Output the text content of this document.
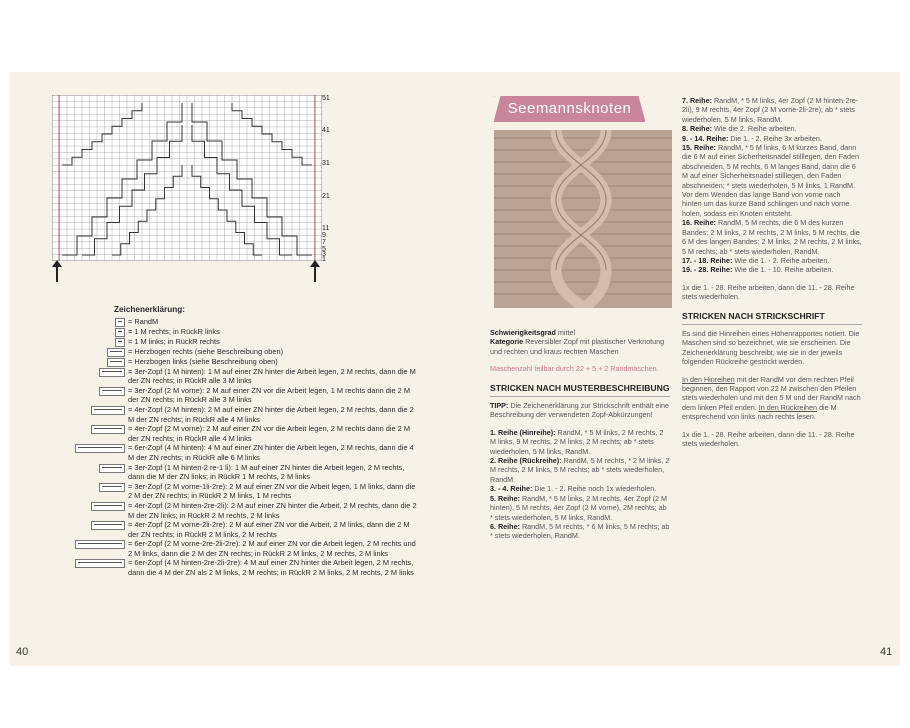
51
41
31
21
11
9
7
5
3
1
Zeichenerklärung:
= RandM
= 1 M rechts; in RückR links
= 1 M links; in RückR rechts
= Herzbogen rechts (siehe Beschreibung oben)
= Herzbogen links (siehe Beschreibung oben)
= 3er-Zopf (1 M hinten): 1 M auf einer ZN hinter die Arbeit legen, 2 M rechts, dann die M der ZN rechts; in RückR alle 3 M links
= 3er-Zopf (2 M vorne): 2 M auf einer ZN vor die Arbeit legen, 1 M rechts dann die 2 M der ZN rechts; in RückR alle 3 M links
= 4er-Zopf (2 M hinten): 2 M auf einer ZN hinter die Arbeit legen, 2 M rechts, dann die 2 M der ZN rechts; in RückR alle 4 M links
= 4er-Zopf (2 M vorne): 2 M auf einer ZN vor die Arbeit legen, 2 M rechts dann die 2 M der ZN rechts; in RückR alle 4 M links
= 6er-Zopf (4 M hinten): 4 M auf einer ZN hinter die Arbeit legen, 2 M rechts, dann die 4 M der ZN rechts; in RückR alle 6 M links
= 3er-Zopf (1 M hinten-2 re-1 li): 1 M auf einer ZN hinter die Arbeit legen, 2 M rechts, dann die M der ZN links; in RückR 1 M rechts, 2 M links
= 3er-Zopf (2 M vorne-1li-2re): 2 M auf einer ZN vor die Arbeit legen, 1 M links, dann die 2 M der ZN rechts; in RückR 2 M links, 1 M rechts
= 4er-Zopf (2 M hinten-2re-2li): 2 M auf einer ZN hinter die Arbeit, 2 M rechts, dann die 2 M der ZN links; in RückR 2 M rechts, 2 M links
= 4er-Zopf (2 M vorne-2li-2re): 2 M auf einer ZN vor die Arbeit, 2 M links, dann die 2 M der ZN rechts; in RückR 2 M links, 2 M rechts
= 6er-Zopf (2 M vorne-2re-2li-2re): 2 M auf einer ZN vor die Arbeit legen, 2 M rechts und 2 M links, dann die 2 M der ZN rechts; in RückR 2 M links, 2 M rechts, 2 M links
= 6er-Zopf (4 M hinten-2re-2li-2re): 4 M auf einer ZN hinter die Arbeit legen, 2 M rechts, dann die 4 M der ZN als 2 M links, 2 M rechts; in RückR 2 M links, 2 M rechts, 2 M links
Seemannsknoten
Schwierigkeitsgrad mittel
Kategorie Reversibler Zopf mit plastischer Verknotung und rechten und kraus rechten Maschen
Maschenzahl teilbar durch 22 + 5 + 2 Randmaschen.
STRICKEN NACH MUSTERBESCHREIBUNG
TIPP: Die Zeichenerklärung zur Strickschrift enthält eine Beschreibung der verwendeten Zopf-Abkürzungen!
1. Reihe (Hinreihe): RandM, * 5 M links, 2 M rechts, 2 M links, 9 M rechts, 2 M links, 2 M rechts; ab * stets wiederholen, 5 M links, RandM.
2. Reihe (Rückreihe): RandM, 5 M rechts, * 2 M links, 2 M rechts, 2 M links, 5 M rechts; ab * stets wiederholen, RandM.
3. - 4. Reihe: Die 1. - 2. Reihe noch 1x wiederholen.
5. Reihe: RandM, * 5 M links, 2 M rechts, 4er Zopf (2 M hinten), 5 M rechts, 4er Zopf (2 M vorne), 2M rechts; ab * stets wiederholen, 5 M links, RandM.
6. Reihe: RandM, 5 M rechts, * 6 M links, 5 M rechts; ab * stets wiederholen, RandM.
7. Reihe: RandM, * 5 M links, 4er Zopf (2 M hinten-2re-2li), 9 M rechts, 4er Zopf (2 M vorne-2li-2re); ab * stets wiederholen, 5 M links, RandM.
8. Reihe: Wie die 2. Reihe arbeiten.
9. - 14. Reihe: Die 1. - 2. Reihe 3x arbeiten.
15. Reihe: RandM, * 5 M links, 6 M kurzes Band, dann die 6 M auf einer Sicherheitsnadel stilllegen, den Faden abschneiden, 5 M rechts, 6 M langes Band, dann die 6 M auf einer Sicherheitsnadel stilllegen, den Faden abschneiden; * stets wiederholen, 5 M links, 1 RandM. Vor dem Wenden das lange Band von vorne nach hinten um das kurze Band schlingen und nach vorne holen, sodass ein Knoten entsteht.
16. Reihe: RandM, 5 M rechts, die 6 M des kurzen Bandes: 2 M links, 2 M rechts, 2 M links, 5 M rechts, die 6 M des langen Bandes: 2 M links, 2 M rechts, 2 M links, 5 M rechts; ab * stets wiederholen, RandM.
17. - 18. Reihe: Wie die 1. - 2. Reihe arbeiten.
19. - 28. Reihe: Wie die 1. - 10. Reihe arbeiten.
1x die 1. - 28. Reihe arbeiten, dann die 11. - 28. Reihe stets wiederholen.
STRICKEN NACH STRICKSCHRIFT
Es sind die Hinreihen eines Höhenrapportes notiert. Die Maschen sind so bezeichnet, wie sie erscheinen. Die Zeichenerklärung beschreibt, wie sie in der jeweils folgenden Rückreihe gestrickt werden.
In den Hinreihen mit der RandM vor dem rechten Pfeil beginnen, den Rapport von 22 M zwischen den Pfeilen stets wiederholen und mit den 5 M und der RandM nach dem linken Pfeil enden. In den Rückreihen die M entsprechend von links nach rechts lesen.
1x die 1. - 28. Reihe arbeiten, dann die 11. - 28. Reihe stets wiederholen.
40	41
